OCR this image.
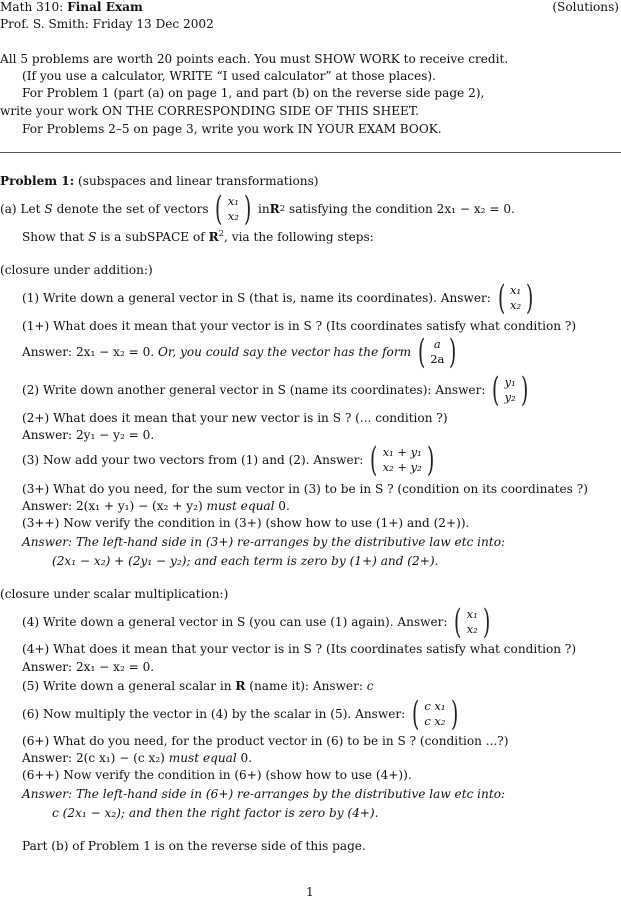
Math 310: Final Exam	(Solutions)
Prof. S. Smith: Friday 13 Dec 2002
All 5 problems are worth 20 points each. You must SHOW WORK to receive credit.
(If you use a calculator, WRITE “I used calculator” at those places).
For Problem 1 (part (a) on page 1, and part (b) on the reverse side page 2),
write your work ON THE CORRESPONDING SIDE OF THIS SHEET.
For Problems 2–5 on page 3, write you work IN YOUR EXAM BOOK.
Problem 1: (subspaces and linear transformations)
(a) Let
S
denote the set of vectors
( x₁
x₂ )
in R 2
satisfying the condition
2x₁ − x₂ = 0.
Show that S is a subSPACE of $R^2$, via the following steps:
(closure under addition:)
(1) Write down a general vector in S (that is, name its coordinates). Answer:
( x₁
x₂ )
(1+) What does it mean that your vector is in S ? (Its coordinates satisfy what condition ?)
Answer: 2x₁ − x₂ = 0.
Or, you could say the vector has the form
( a
2a )
(2) Write down another general vector in S (name its coordinates): Answer:
( y₁
y₂ )
(2+) What does it mean that your new vector is in S ? (... condition ?)
Answer: 2y₁ − y₂ = 0.
(3) Now add your two vectors from (1) and (2). Answer:
( x₁ + y₁
x₂ + y₂ )
(3+) What do you need, for the sum vector in (3) to be in S ? (condition on its coordinates ?)
Answer: 2(x₁ + y₁) − (x₂ + y₂) must equal 0.
(3++) Now verify the condition in (3+) (show how to use (1+) and (2+)).
Answer: The left-hand side in (3+) re-arranges by the distributive law etc into:
(2x₁ − x₂) + (2y₁ − y₂); and each term is zero by (1+) and (2+).
(closure under scalar multiplication:)
(4) Write down a general vector in S (you can use (1) again). Answer:
( x₁
x₂ )
(4+) What does it mean that your vector is in S ? (Its coordinates satisfy what condition ?)
Answer: 2x₁ − x₂ = 0.
(5) Write down a general scalar in R (name it): Answer: c
(6) Now multiply the vector in (4) by the scalar in (5). Answer:
( c x₁
c x₂ )
(6+) What do you need, for the product vector in (6) to be in S ? (condition ...?)
Answer: 2(c x₁) − (c x₂) must equal 0.
(6++) Now verify the condition in (6+) (show how to use (4+)).
Answer: The left-hand side in (6+) re-arranges by the distributive law etc into:
c (2x₁ − x₂); and then the right factor is zero by (4+).
Part (b) of Problem 1 is on the reverse side of this page.
1
